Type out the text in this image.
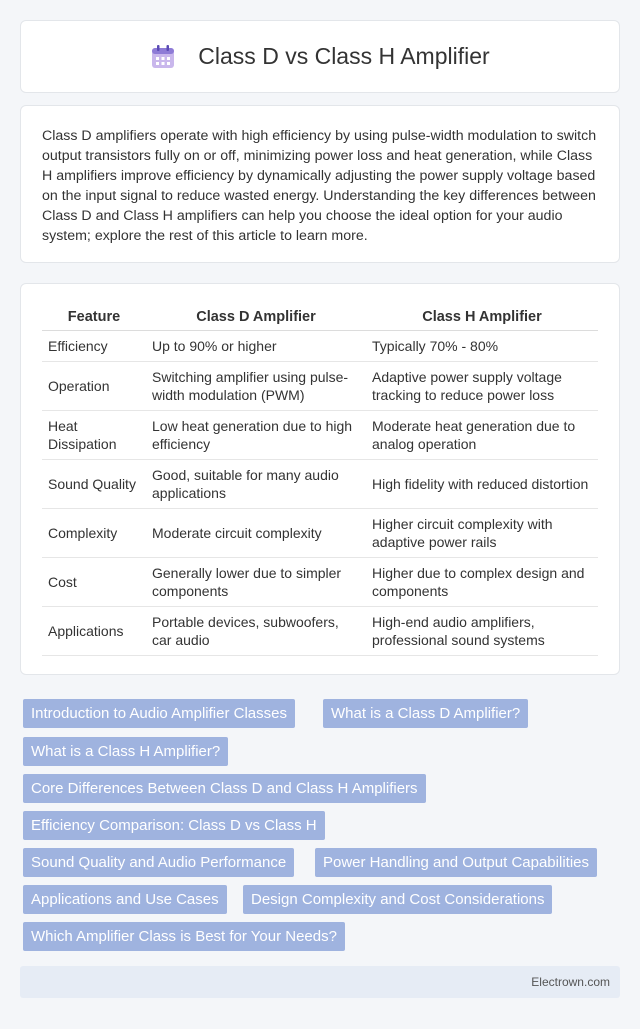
Class D vs Class H Amplifier

Class D amplifiers operate with high efficiency by using pulse-width modulation to switch output transistors fully on or off, minimizing power loss and heat generation, while Class H amplifiers improve efficiency by dynamically adjusting the power supply voltage based on the input signal to reduce wasted energy. Understanding the key differences between Class D and Class H amplifiers can help you choose the ideal option for your audio system; explore the rest of this article to learn more.

Feature	Class D Amplifier	Class H Amplifier
Efficiency	Up to 90% or higher	Typically 70% - 80%
Operation	Switching amplifier using pulse-width modulation (PWM)	Adaptive power supply voltage tracking to reduce power loss
Heat Dissipation	Low heat generation due to high efficiency	Moderate heat generation due to analog operation
Sound Quality	Good, suitable for many audio applications	High fidelity with reduced distortion
Complexity	Moderate circuit complexity	Higher circuit complexity with adaptive power rails
Cost	Generally lower due to simpler components	Higher due to complex design and components
Applications	Portable devices, subwoofers, car audio	High-end audio amplifiers, professional sound systems
Introduction to Audio Amplifier Classes	What is a Class D Amplifier?
What is a Class H Amplifier?
Core Differences Between Class D and Class H Amplifiers
Efficiency Comparison: Class D vs Class H
Sound Quality and Audio Performance	Power Handling and Output Capabilities
Applications and Use Cases	Design Complexity and Cost Considerations
Which Amplifier Class is Best for Your Needs?
Electrown.com
